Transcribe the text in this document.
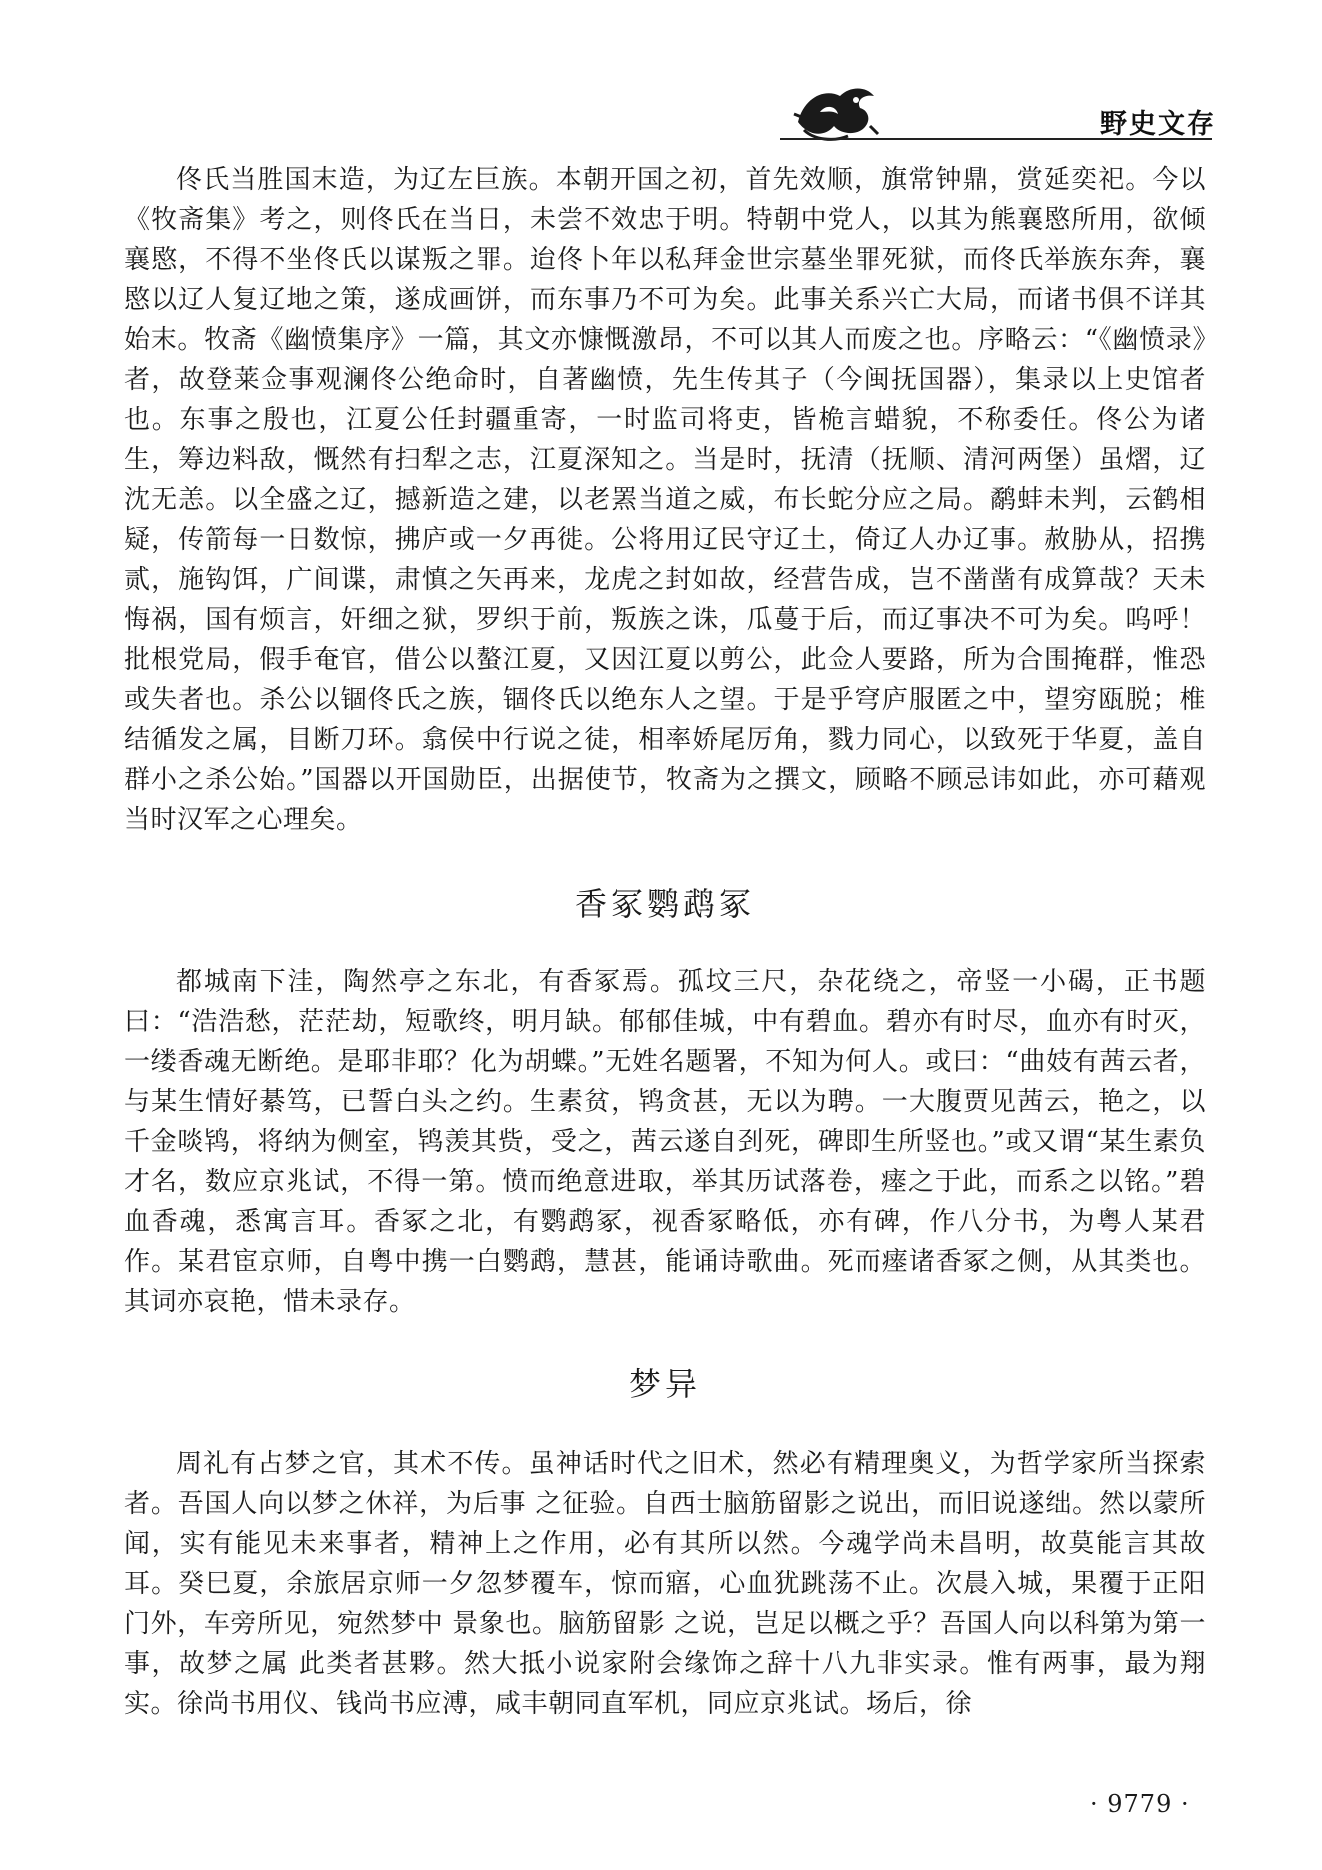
野史文存

佟氏当胜国末造，为辽左巨族。本朝开国之初，首先效顺，旗常钟鼎，赏延奕祀。今以《牧斋集》考之，则佟氏在当日，未尝不效忠于明。特朝中党人，以其为熊襄愍所用，欲倾襄愍，不得不坐佟氏以谋叛之罪。迨佟卜年以私拜金世宗墓坐罪死狱，而佟氏举族东奔，襄愍以辽人复辽地之策，遂成画饼，而东事乃不可为矣。此事关系兴亡大局，而诸书俱不详其始末。牧斋《幽愤集序》一篇，其文亦慷慨激昂，不可以其人而废之也。序略云：“《幽愤录》者，故登莱佥事观澜佟公绝命时，自著幽愤，先生传其子（今闽抚国器），集录以上史馆者也。东事之殷也，江夏公任封疆重寄，一时监司将吏，皆桅言蜡貌，不称委任。佟公为诸生，筹边料敌，慨然有扫犁之志，江夏深知之。当是时，抚清（抚顺、清河两堡）虽熠，辽沈无恙。以全盛之辽，撼新造之建，以老罴当道之威，布长蛇分应之局。鹬蚌未判，云鹤相疑，传箭每一日数惊，拂庐或一夕再徙。公将用辽民守辽土，倚辽人办辽事。赦胁从，招携贰，施钩饵，广间谍，肃慎之矢再来，龙虎之封如故，经营告成，岂不凿凿有成算哉？天未悔祸，国有烦言，奸细之狱，罗织于前，叛族之诛，瓜蔓于后，而辽事决不可为矣。呜呼！批根党局，假手奄官，借公以螯江夏，又因江夏以剪公，此佥人要路，所为合围掩群，惟恐或失者也。杀公以锢佟氏之族，锢佟氏以绝东人之望。于是乎穹庐服匿之中，望穷瓯脱；椎结循发之属，目断刀环。翕侯中行说之徒，相率娇尾厉角，戮力同心，以致死于华夏，盖自群小之杀公始。”国器以开国勋臣，出据使节，牧斋为之撰文，顾略不顾忌讳如此，亦可藉观当时汉军之心理矣。

香冢鹦鹉冢

都城南下洼，陶然亭之东北，有香冢焉。孤坟三尺，杂花绕之，帝竖一小碣，正书题曰：“浩浩愁，茫茫劫，短歌终，明月缺。郁郁佳城，中有碧血。碧亦有时尽，血亦有时灭，一缕香魂无断绝。是耶非耶？化为胡蝶。”无姓名题署，不知为何人。或曰：“曲妓有茜云者，与某生情好綦笃，已誓白头之约。生素贫，鸨贪甚，无以为聘。一大腹贾见茜云，艳之，以千金啖鸨，将纳为侧室，鸨羡其赀，受之，茜云遂自刭死，碑即生所竖也。”或又谓“某生素负才名，数应京兆试，不得一第。愤而绝意进取，举其历试落卷，瘗之于此，而系之以铭。”碧血香魂，悉寓言耳。香冢之北，有鹦鹉冢，视香冢略低，亦有碑，作八分书，为粤人某君作。某君宦京师，自粤中携一白鹦鹉，慧甚，能诵诗歌曲。死而瘗诸香冢之侧，从其类也。其词亦哀艳，惜未录存。

梦异

周礼有占梦之官，其术不传。虽神话时代之旧术，然必有精理奥义，为哲学家所当探索者。吾国人向以梦之休祥，为后事 之征验。自西士脑筋留影之说出，而旧说遂绌。然以蒙所闻，实有能见未来事者，精神上之作用，必有其所以然。今魂学尚未昌明，故莫能言其故耳。癸巳夏，余旅居京师一夕忽梦覆车，惊而寤，心血犹跳荡不止。次晨入城，果覆于正阳门外，车旁所见，宛然梦中 景象也。脑筋留影 之说，岂足以概之乎？吾国人向以科第为第一事，故梦之属 此类者甚夥。然大抵小说家附会缘饰之辞十八九非实录。惟有两事，最为翔实。徐尚书用仪、钱尚书应溥，咸丰朝同直军机，同应京兆试。场后，徐

· 9779 ·
